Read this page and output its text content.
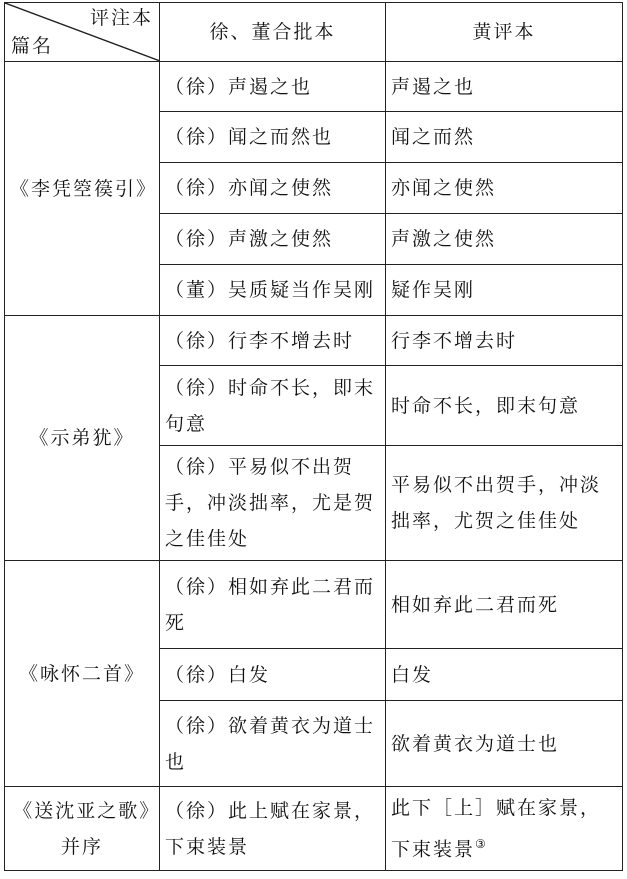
评注本
篇名	徐、董合批本	黄评本
《李凭箜篌引》	（徐）声遏之也	声遏之也
	（徐）闻之而然也	闻之而然
	（徐）亦闻之使然	亦闻之使然
	（徐）声激之使然	声激之使然
	（董）吴质疑当作吴刚	疑作吴刚
《示弟犹》	（徐）行李不增去时	行李不增去时
	（徐）时命不长，即末句意	时命不长，即末句意
	（徐）平易似不出贺手，冲淡拙率，尤是贺之佳佳处	平易似不出贺手，冲淡拙率，尤贺之佳佳处
《咏怀二首》	（徐）相如弃此二君而死	相如弃此二君而死
	（徐）白发	白发
	（徐）欲着黄衣为道士也	欲着黄衣为道士也
《送沈亚之歌》并序	（徐）此上赋在家景，下束装景	此下［上］赋在家景，下束装景③
